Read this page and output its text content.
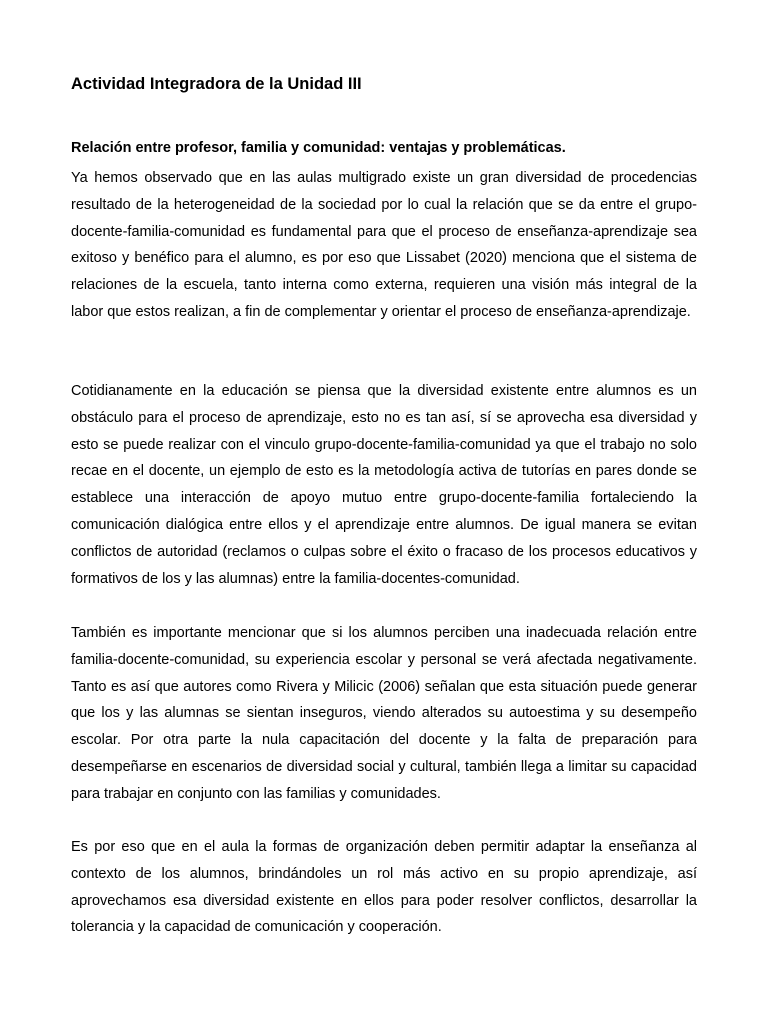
Actividad Integradora de la Unidad III
Relación entre profesor, familia y comunidad: ventajas y problemáticas.

Ya hemos observado que en las aulas multigrado existe un gran diversidad de procedencias resultado de la heterogeneidad de la sociedad por lo cual la relación que se da entre el grupo-docente-familia-comunidad es fundamental para que el proceso de enseñanza-aprendizaje sea exitoso y benéfico para el alumno, es por eso que Lissabet (2020) menciona que el sistema de relaciones de la escuela, tanto interna como externa, requieren una visión más integral de la labor que estos realizan, a fin de complementar y orientar el proceso de enseñanza-aprendizaje.

Cotidianamente en la educación se piensa que la diversidad existente entre alumnos es un obstáculo para el proceso de aprendizaje, esto no es tan así, sí se aprovecha esa diversidad y esto se puede realizar con el vinculo grupo-docente-familia-comunidad ya que el trabajo no solo recae en el docente, un ejemplo de esto es la metodología activa de tutorías en pares donde se establece una interacción de apoyo mutuo entre grupo-docente-familia fortaleciendo la comunicación dialógica entre ellos y el aprendizaje entre alumnos. De igual manera se evitan conflictos de autoridad (reclamos o culpas sobre el éxito o fracaso de los procesos educativos y formativos de los y las alumnas) entre la familia-docentes-comunidad.

También es importante mencionar que si los alumnos perciben una inadecuada relación entre familia-docente-comunidad, su experiencia escolar y personal se verá afectada negativamente. Tanto es así que autores como Rivera y Milicic (2006) señalan que esta situación puede generar que los y las alumnas se sientan inseguros, viendo alterados su autoestima y su desempeño escolar. Por otra parte la nula capacitación del docente y la falta de preparación para desempeñarse en escenarios de diversidad social y cultural, también llega a limitar su capacidad para trabajar en conjunto con las familias y comunidades.

Es por eso que en el aula la formas de organización deben permitir adaptar la enseñanza al contexto de los alumnos, brindándoles un rol más activo en su propio aprendizaje, así aprovechamos esa diversidad existente en ellos para poder resolver conflictos, desarrollar la tolerancia y la capacidad de comunicación y cooperación.
